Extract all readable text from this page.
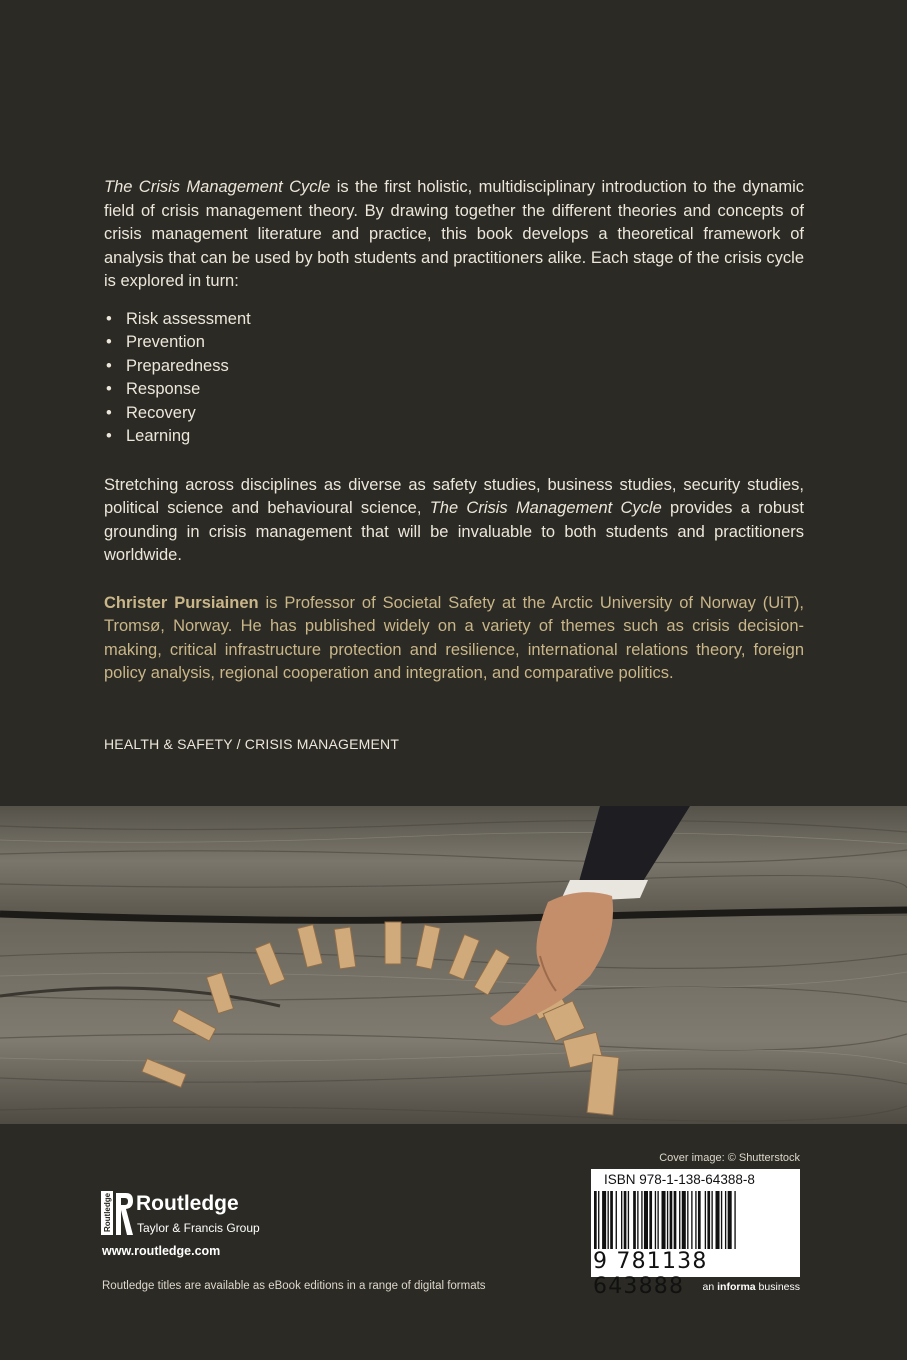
The Crisis Management Cycle is the first holistic, multidisciplinary introduction to the dynamic field of crisis management theory. By drawing together the different theories and concepts of crisis management literature and practice, this book develops a theoretical framework of analysis that can be used by both students and practitioners alike. Each stage of the crisis cycle is explored in turn:

• Risk assessment
• Prevention
• Preparedness
• Response
• Recovery
• Learning

Stretching across disciplines as diverse as safety studies, business studies, security studies, political science and behavioural science, The Crisis Management Cycle provides a robust grounding in crisis management that will be invaluable to both students and practitioners worldwide.

Christer Pursiainen is Professor of Societal Safety at the Arctic University of Norway (UiT), Tromsø, Norway. He has published widely on a variety of themes such as crisis decision-making, critical infrastructure protection and resilience, international relations theory, foreign policy analysis, regional cooperation and integration, and comparative politics.

HEALTH & SAFETY / CRISIS MANAGEMENT
Cover image: © Shutterstock
ISBN 978-1-138-64388-8
9 781138 643888	an informa business
Routledge Routledge
Taylor & Francis Group
www.routledge.com
Routledge titles are available as eBook editions in a range of digital formats
